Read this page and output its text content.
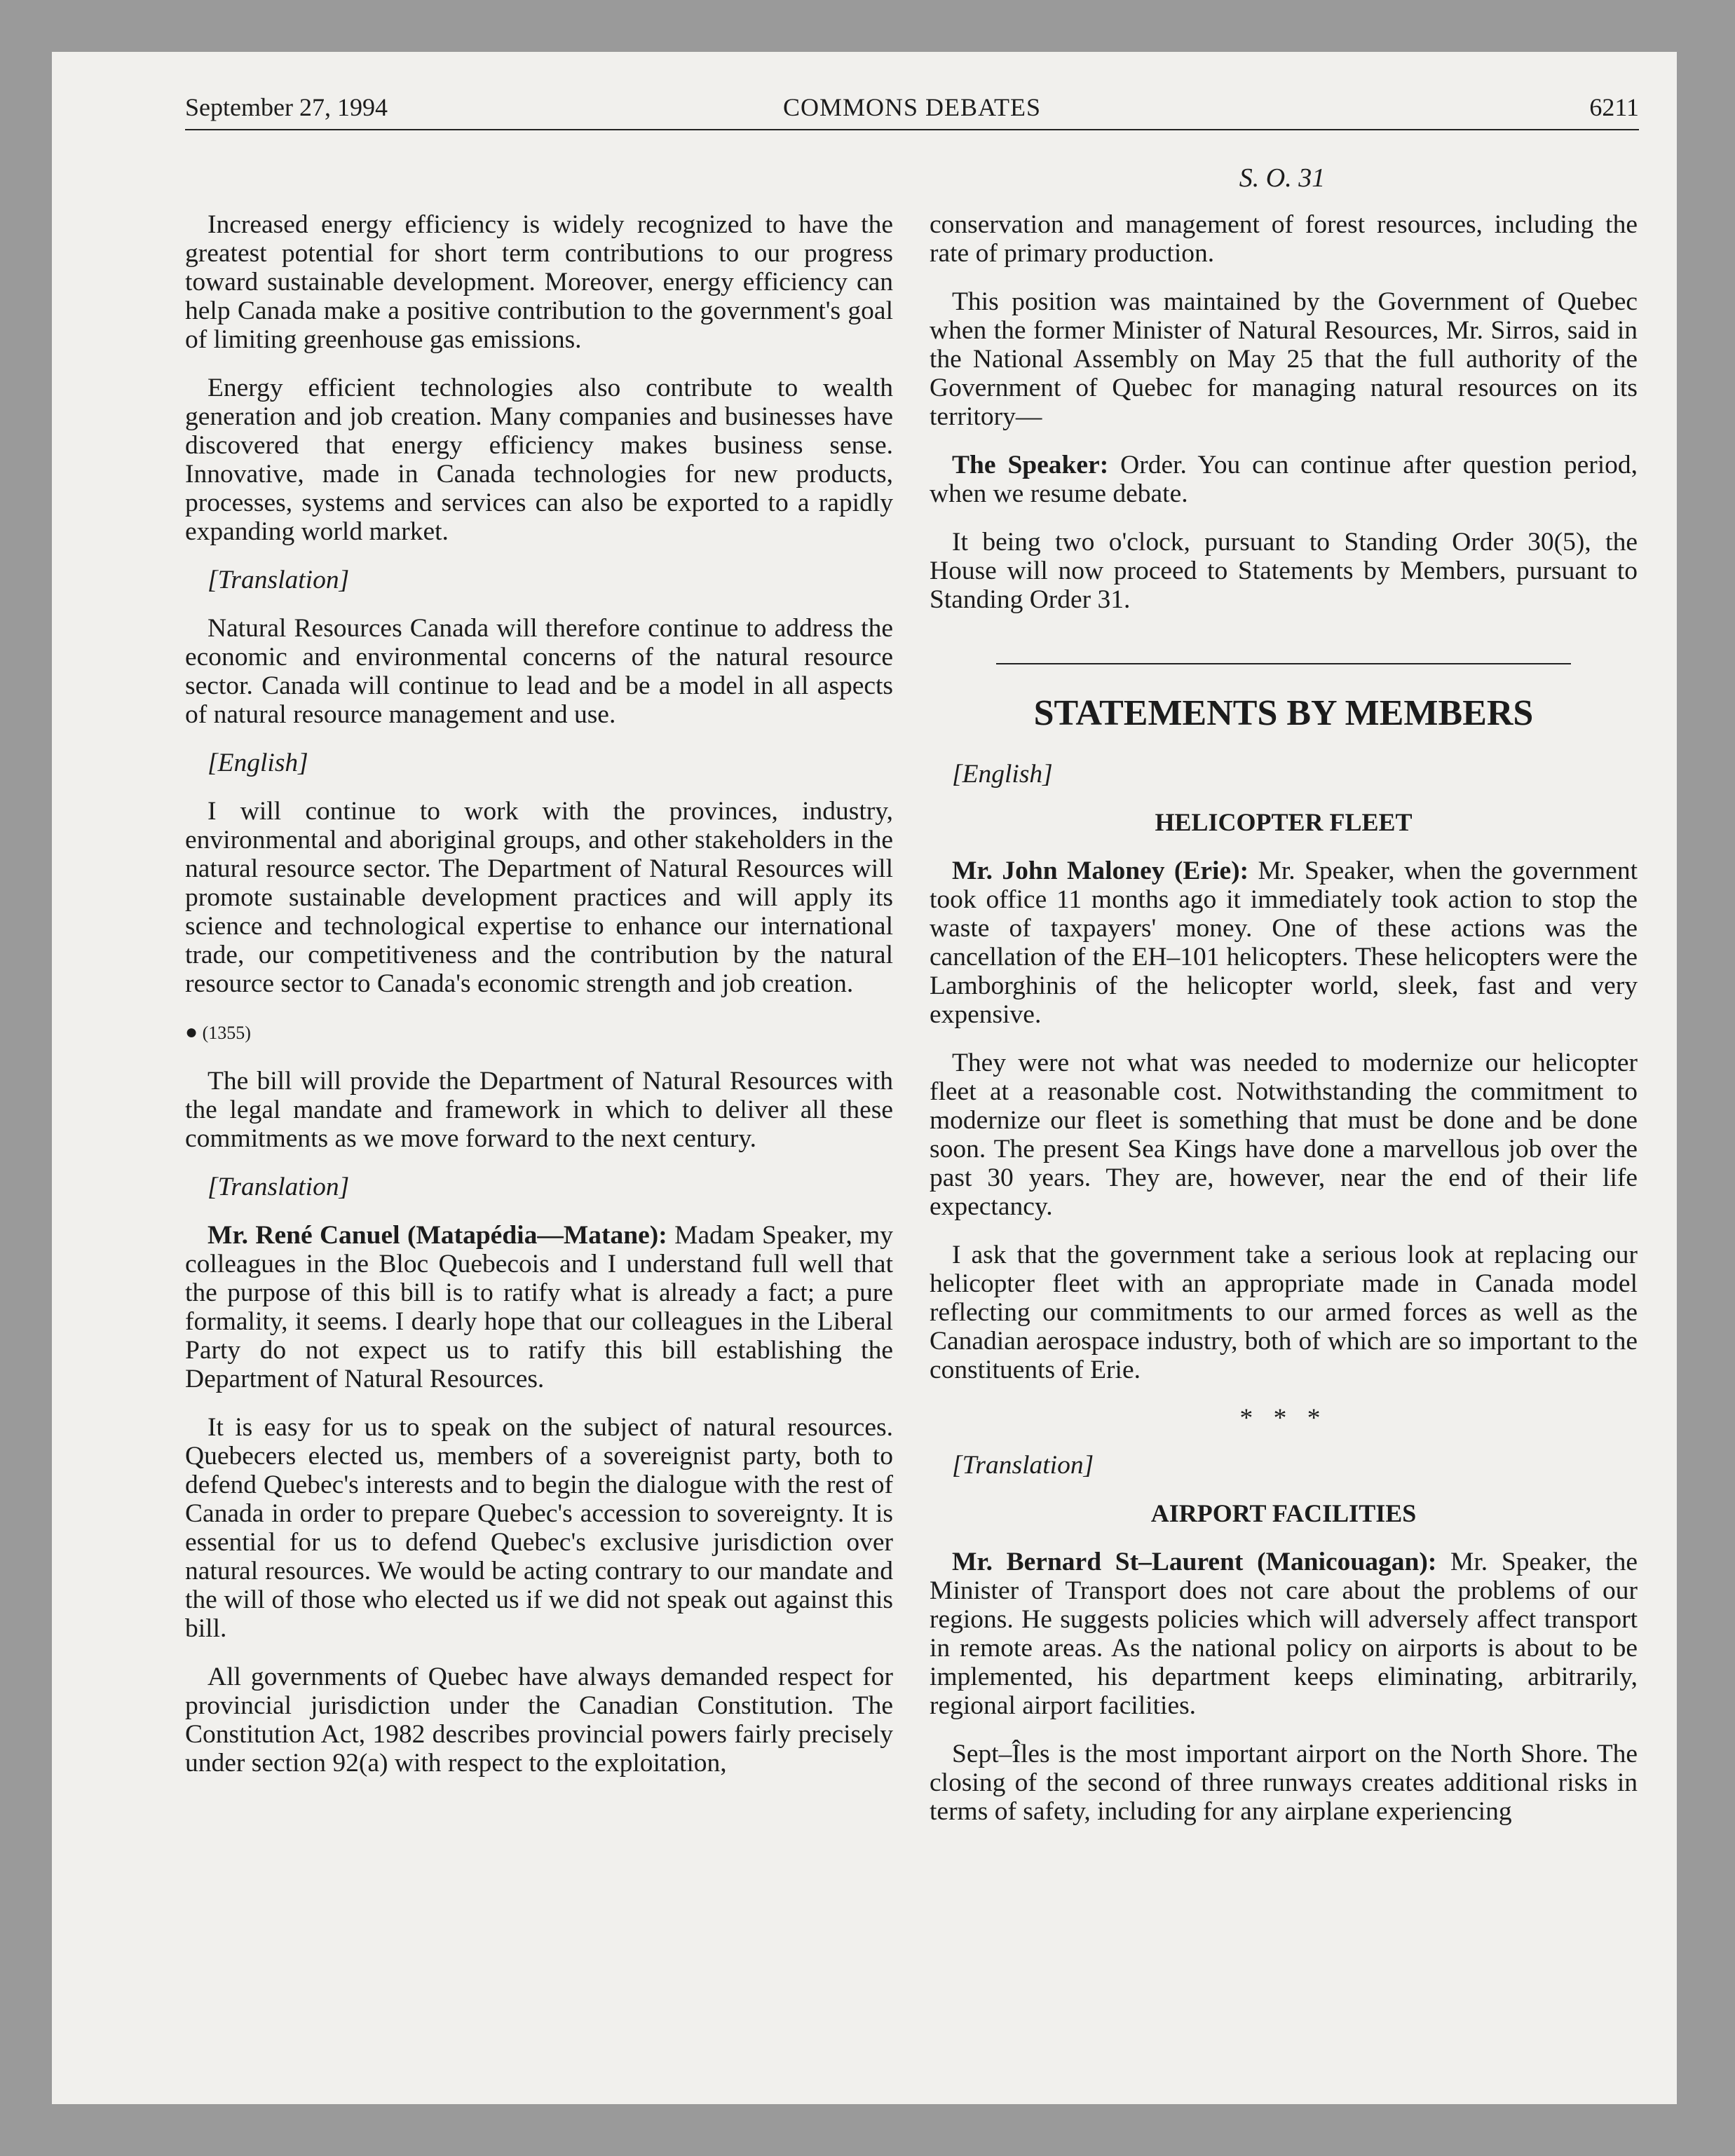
September 27, 1994	COMMONS DEBATES	6211
S. O. 31

Increased energy efficiency is widely recognized to have the greatest potential for short term contributions to our progress toward sustainable development. Moreover, energy efficiency can help Canada make a positive contribution to the government's goal of limiting greenhouse gas emissions.

Energy efficient technologies also contribute to wealth generation and job creation. Many companies and businesses have discovered that energy efficiency makes business sense. Innovative, made in Canada technologies for new products, processes, systems and services can also be exported to a rapidly expanding world market.

[Translation]

Natural Resources Canada will therefore continue to address the economic and environmental concerns of the natural resource sector. Canada will continue to lead and be a model in all aspects of natural resource management and use.

[English]

I will continue to work with the provinces, industry, environmental and aboriginal groups, and other stakeholders in the natural resource sector. The Department of Natural Resources will promote sustainable development practices and will apply its science and technological expertise to enhance our international trade, our competitiveness and the contribution by the natural resource sector to Canada's economic strength and job creation.

● (1355)

The bill will provide the Department of Natural Resources with the legal mandate and framework in which to deliver all these commitments as we move forward to the next century.

[Translation]

Mr. René Canuel (Matapédia—Matane): Madam Speaker, my colleagues in the Bloc Quebecois and I understand full well that the purpose of this bill is to ratify what is already a fact; a pure formality, it seems. I dearly hope that our colleagues in the Liberal Party do not expect us to ratify this bill establishing the Department of Natural Resources.

It is easy for us to speak on the subject of natural resources. Quebecers elected us, members of a sovereignist party, both to defend Quebec's interests and to begin the dialogue with the rest of Canada in order to prepare Quebec's accession to sovereignty. It is essential for us to defend Quebec's exclusive jurisdiction over natural resources. We would be acting contrary to our mandate and the will of those who elected us if we did not speak out against this bill.

All governments of Quebec have always demanded respect for provincial jurisdiction under the Canadian Constitution. The Constitution Act, 1982 describes provincial powers fairly precisely under section 92(a) with respect to the exploitation,

conservation and management of forest resources, including the rate of primary production.

This position was maintained by the Government of Quebec when the former Minister of Natural Resources, Mr. Sirros, said in the National Assembly on May 25 that the full authority of the Government of Quebec for managing natural resources on its territory—

The Speaker: Order. You can continue after question period, when we resume debate.

It being two o'clock, pursuant to Standing Order 30(5), the House will now proceed to Statements by Members, pursuant to Standing Order 31.

STATEMENTS BY MEMBERS

[English]

HELICOPTER FLEET

Mr. John Maloney (Erie): Mr. Speaker, when the government took office 11 months ago it immediately took action to stop the waste of taxpayers' money. One of these actions was the cancellation of the EH–101 helicopters. These helicopters were the Lamborghinis of the helicopter world, sleek, fast and very expensive.

They were not what was needed to modernize our helicopter fleet at a reasonable cost. Notwithstanding the commitment to modernize our fleet is something that must be done and be done soon. The present Sea Kings have done a marvellous job over the past 30 years. They are, however, near the end of their life expectancy.

I ask that the government take a serious look at replacing our helicopter fleet with an appropriate made in Canada model reflecting our commitments to our armed forces as well as the Canadian aerospace industry, both of which are so important to the constituents of Erie.

* * *

[Translation]

AIRPORT FACILITIES

Mr. Bernard St–Laurent (Manicouagan): Mr. Speaker, the Minister of Transport does not care about the problems of our regions. He suggests policies which will adversely affect transport in remote areas. As the national policy on airports is about to be implemented, his department keeps eliminating, arbitrarily, regional airport facilities.

Sept–Îles is the most important airport on the North Shore. The closing of the second of three runways creates additional risks in terms of safety, including for any airplane experiencing
